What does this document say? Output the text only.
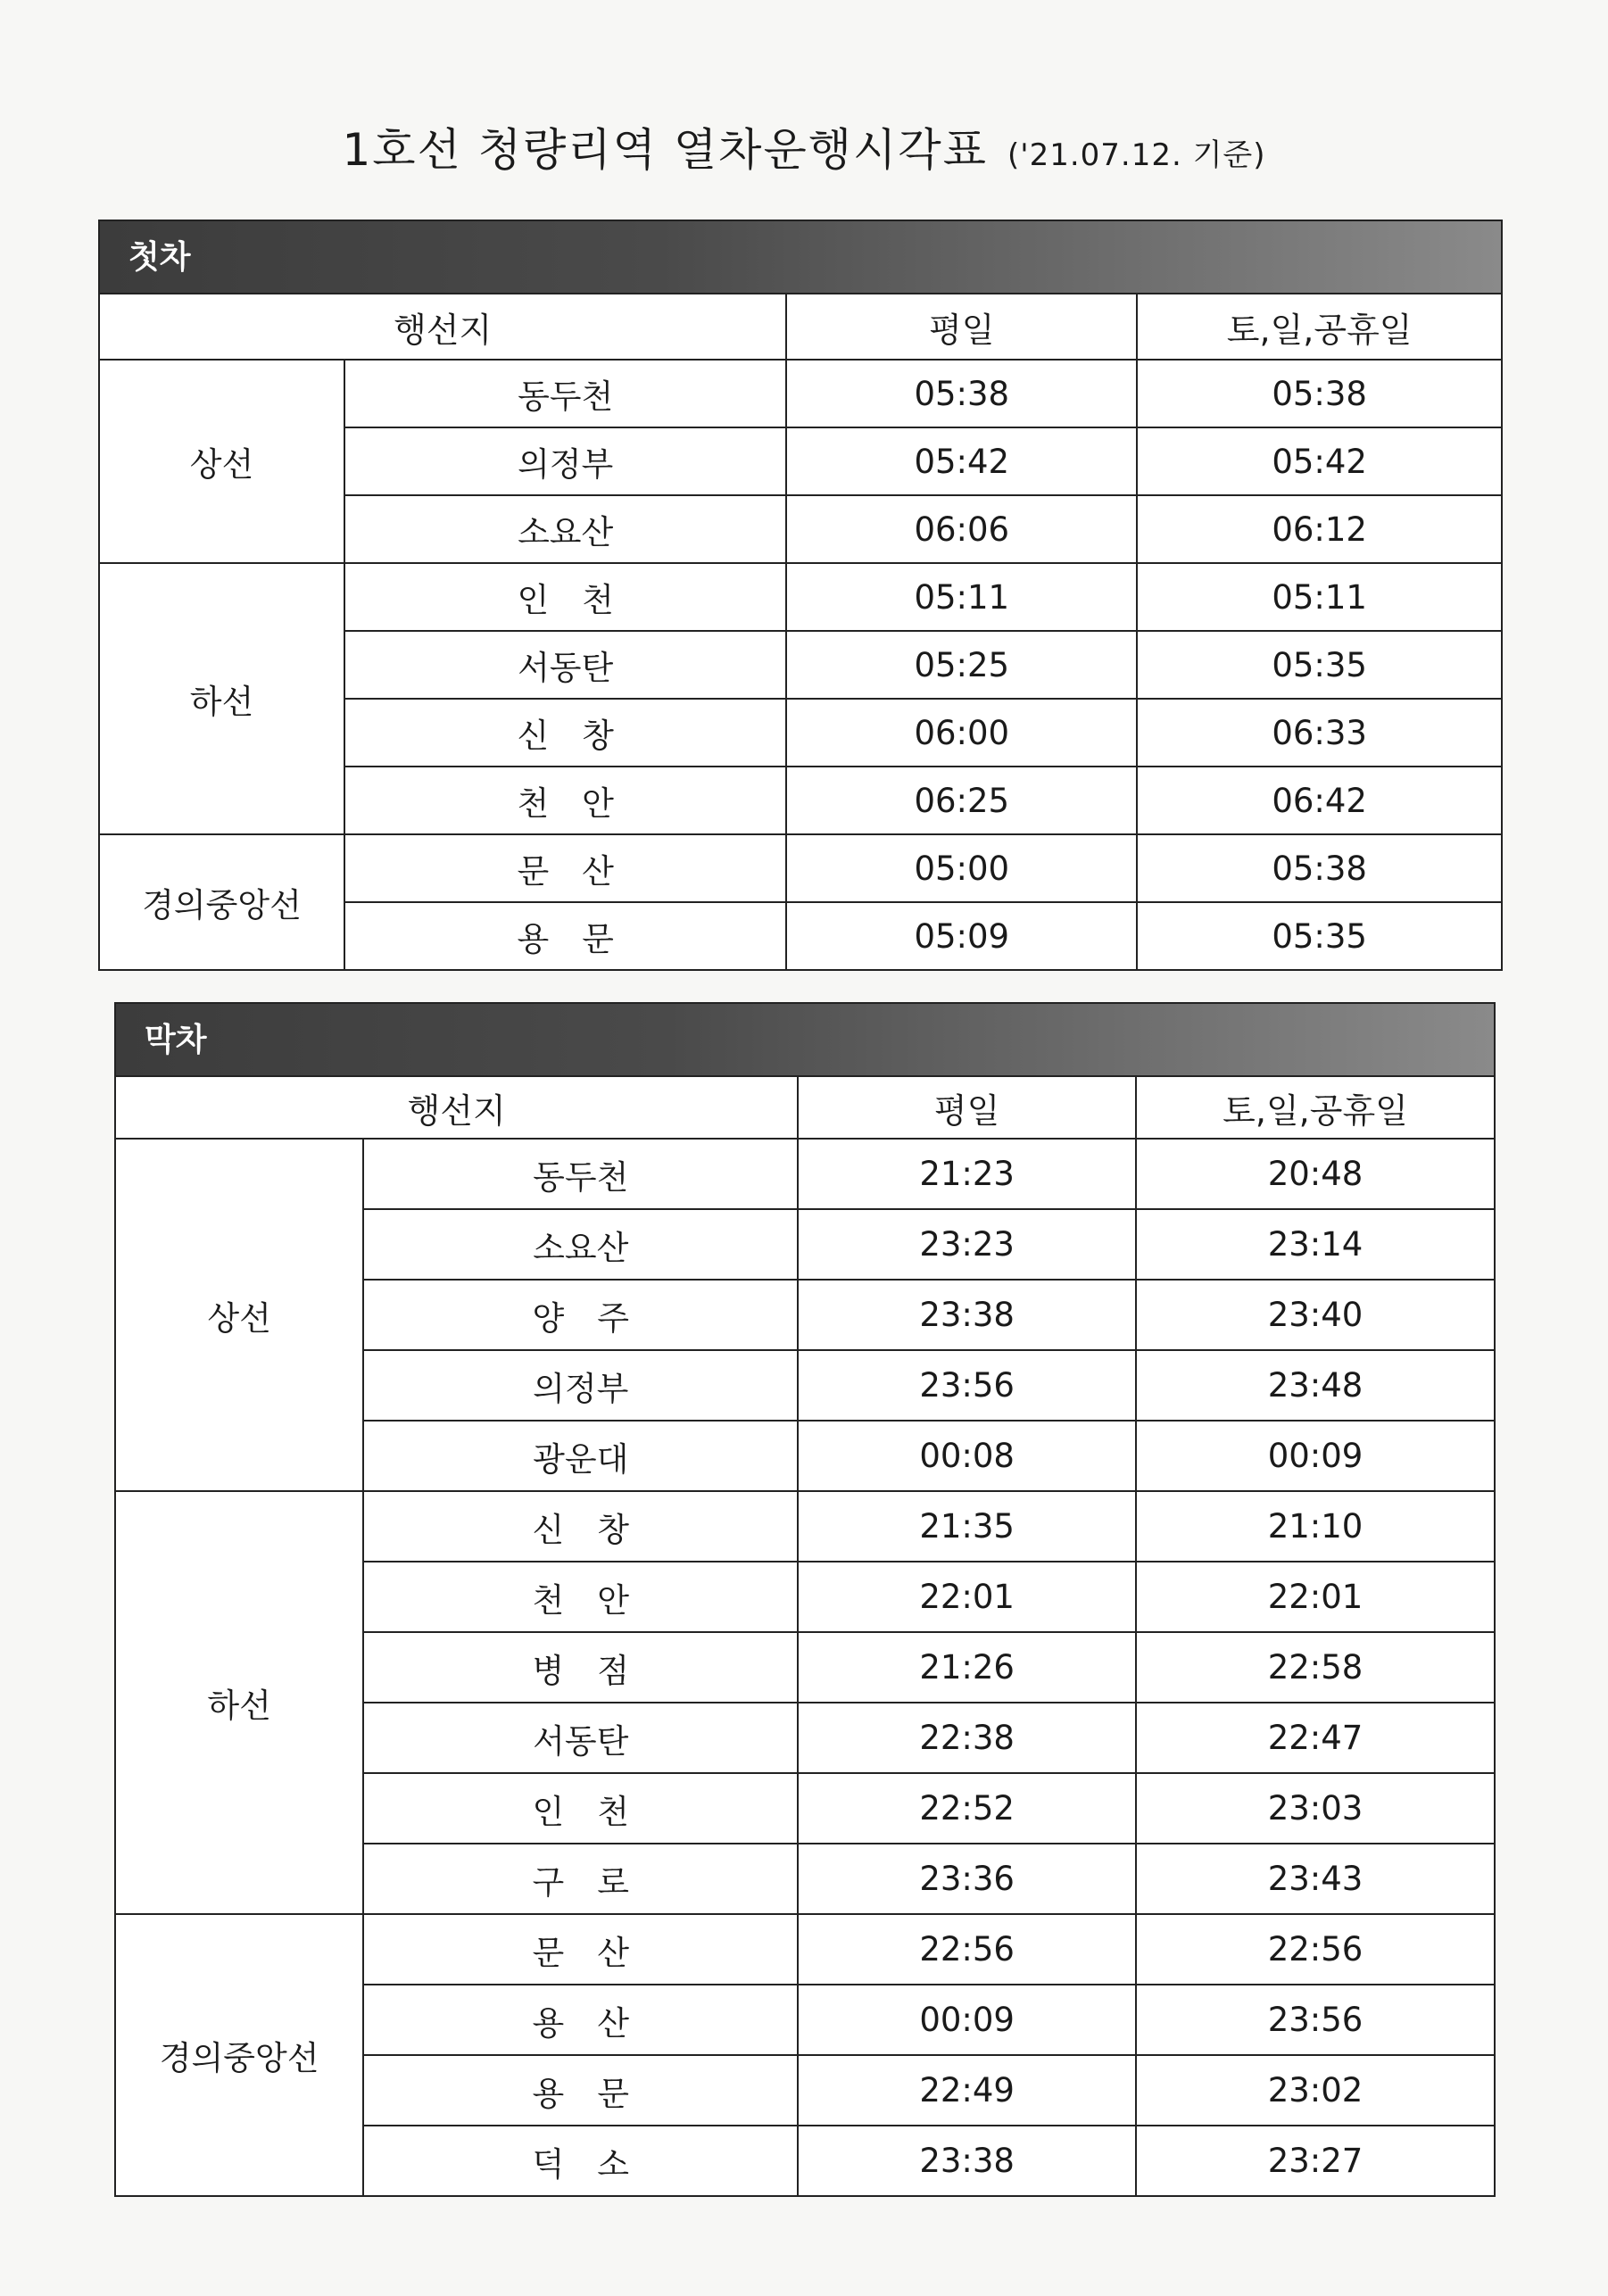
1호선 청량리역 열차운행시각표 ('21.07.12. 기준)
첫차
행선지		평일	토,일,공휴일
상선	동두천	05:38	05:38
	의정부	05:42	05:42
	소요산	06:06	06:12
하선	인　천	05:11	05:11
	서동탄	05:25	05:35
	신　창	06:00	06:33
	천　안	06:25	06:42
경의중앙선	문　산	05:00	05:38
	용　문	05:09	05:35
막차
행선지		평일	토,일,공휴일
상선	동두천	21:23	20:48
	소요산	23:23	23:14
	양　주	23:38	23:40
	의정부	23:56	23:48
	광운대	00:08	00:09
하선	신　창	21:35	21:10
	천　안	22:01	22:01
	병　점	21:26	22:58
	서동탄	22:38	22:47
	인　천	22:52	23:03
	구　로	23:36	23:43
경의중앙선	문　산	22:56	22:56
	용　산	00:09	23:56
	용　문	22:49	23:02
	덕　소	23:38	23:27
